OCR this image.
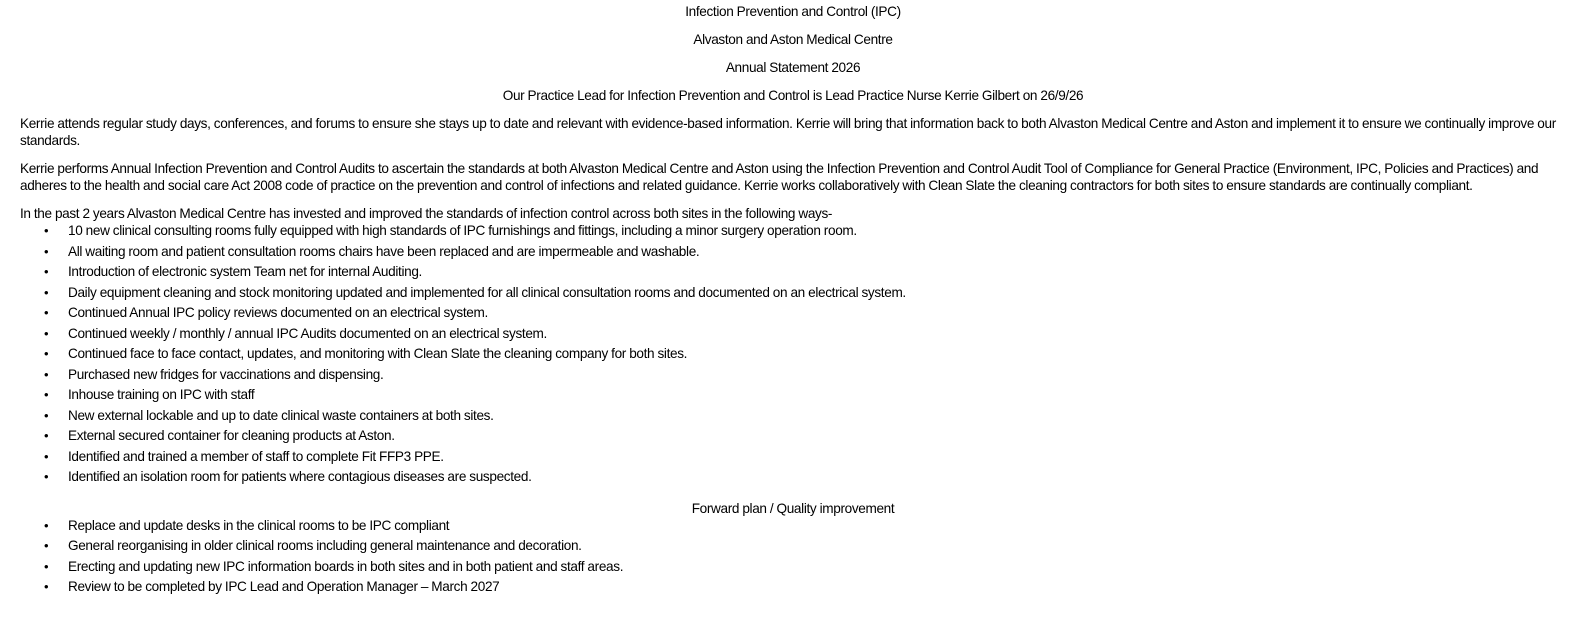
Infection Prevention and Control (IPC)

Alvaston and Aston Medical Centre

Annual Statement 2026

Our Practice Lead for Infection Prevention and Control is Lead Practice Nurse Kerrie Gilbert on 26/9/26

Kerrie attends regular study days, conferences, and forums to ensure she stays up to date and relevant with evidence-based information. Kerrie will bring that information back to both Alvaston Medical Centre and Aston and implement it to ensure we continually improve our standards.

Kerrie performs Annual Infection Prevention and Control Audits to ascertain the standards at both Alvaston Medical Centre and Aston using the Infection Prevention and Control Audit Tool of Compliance for General Practice (Environment, IPC, Policies and Practices) and adheres to the health and social care Act 2008 code of practice on the prevention and control of infections and related guidance. Kerrie works collaboratively with Clean Slate the cleaning contractors for both sites to ensure standards are continually compliant.

In the past 2 years Alvaston Medical Centre has invested and improved the standards of infection control across both sites in the following ways-

• 10 new clinical consulting rooms fully equipped with high standards of IPC furnishings and fittings, including a minor surgery operation room.
• All waiting room and patient consultation rooms chairs have been replaced and are impermeable and washable.
• Introduction of electronic system Team net for internal Auditing.
• Daily equipment cleaning and stock monitoring updated and implemented for all clinical consultation rooms and documented on an electrical system.
• Continued Annual IPC policy reviews documented on an electrical system.
• Continued weekly / monthly / annual IPC Audits documented on an electrical system.
• Continued face to face contact, updates, and monitoring with Clean Slate the cleaning company for both sites.
• Purchased new fridges for vaccinations and dispensing.
• Inhouse training on IPC with staff
• New external lockable and up to date clinical waste containers at both sites.
• External secured container for cleaning products at Aston.
• Identified and trained a member of staff to complete Fit FFP3 PPE.
• Identified an isolation room for patients where contagious diseases are suspected.

Forward plan / Quality improvement

• Replace and update desks in the clinical rooms to be IPC compliant
• General reorganising in older clinical rooms including general maintenance and decoration.
• Erecting and updating new IPC information boards in both sites and in both patient and staff areas.
• Review to be completed by IPC Lead and Operation Manager – March 2027
